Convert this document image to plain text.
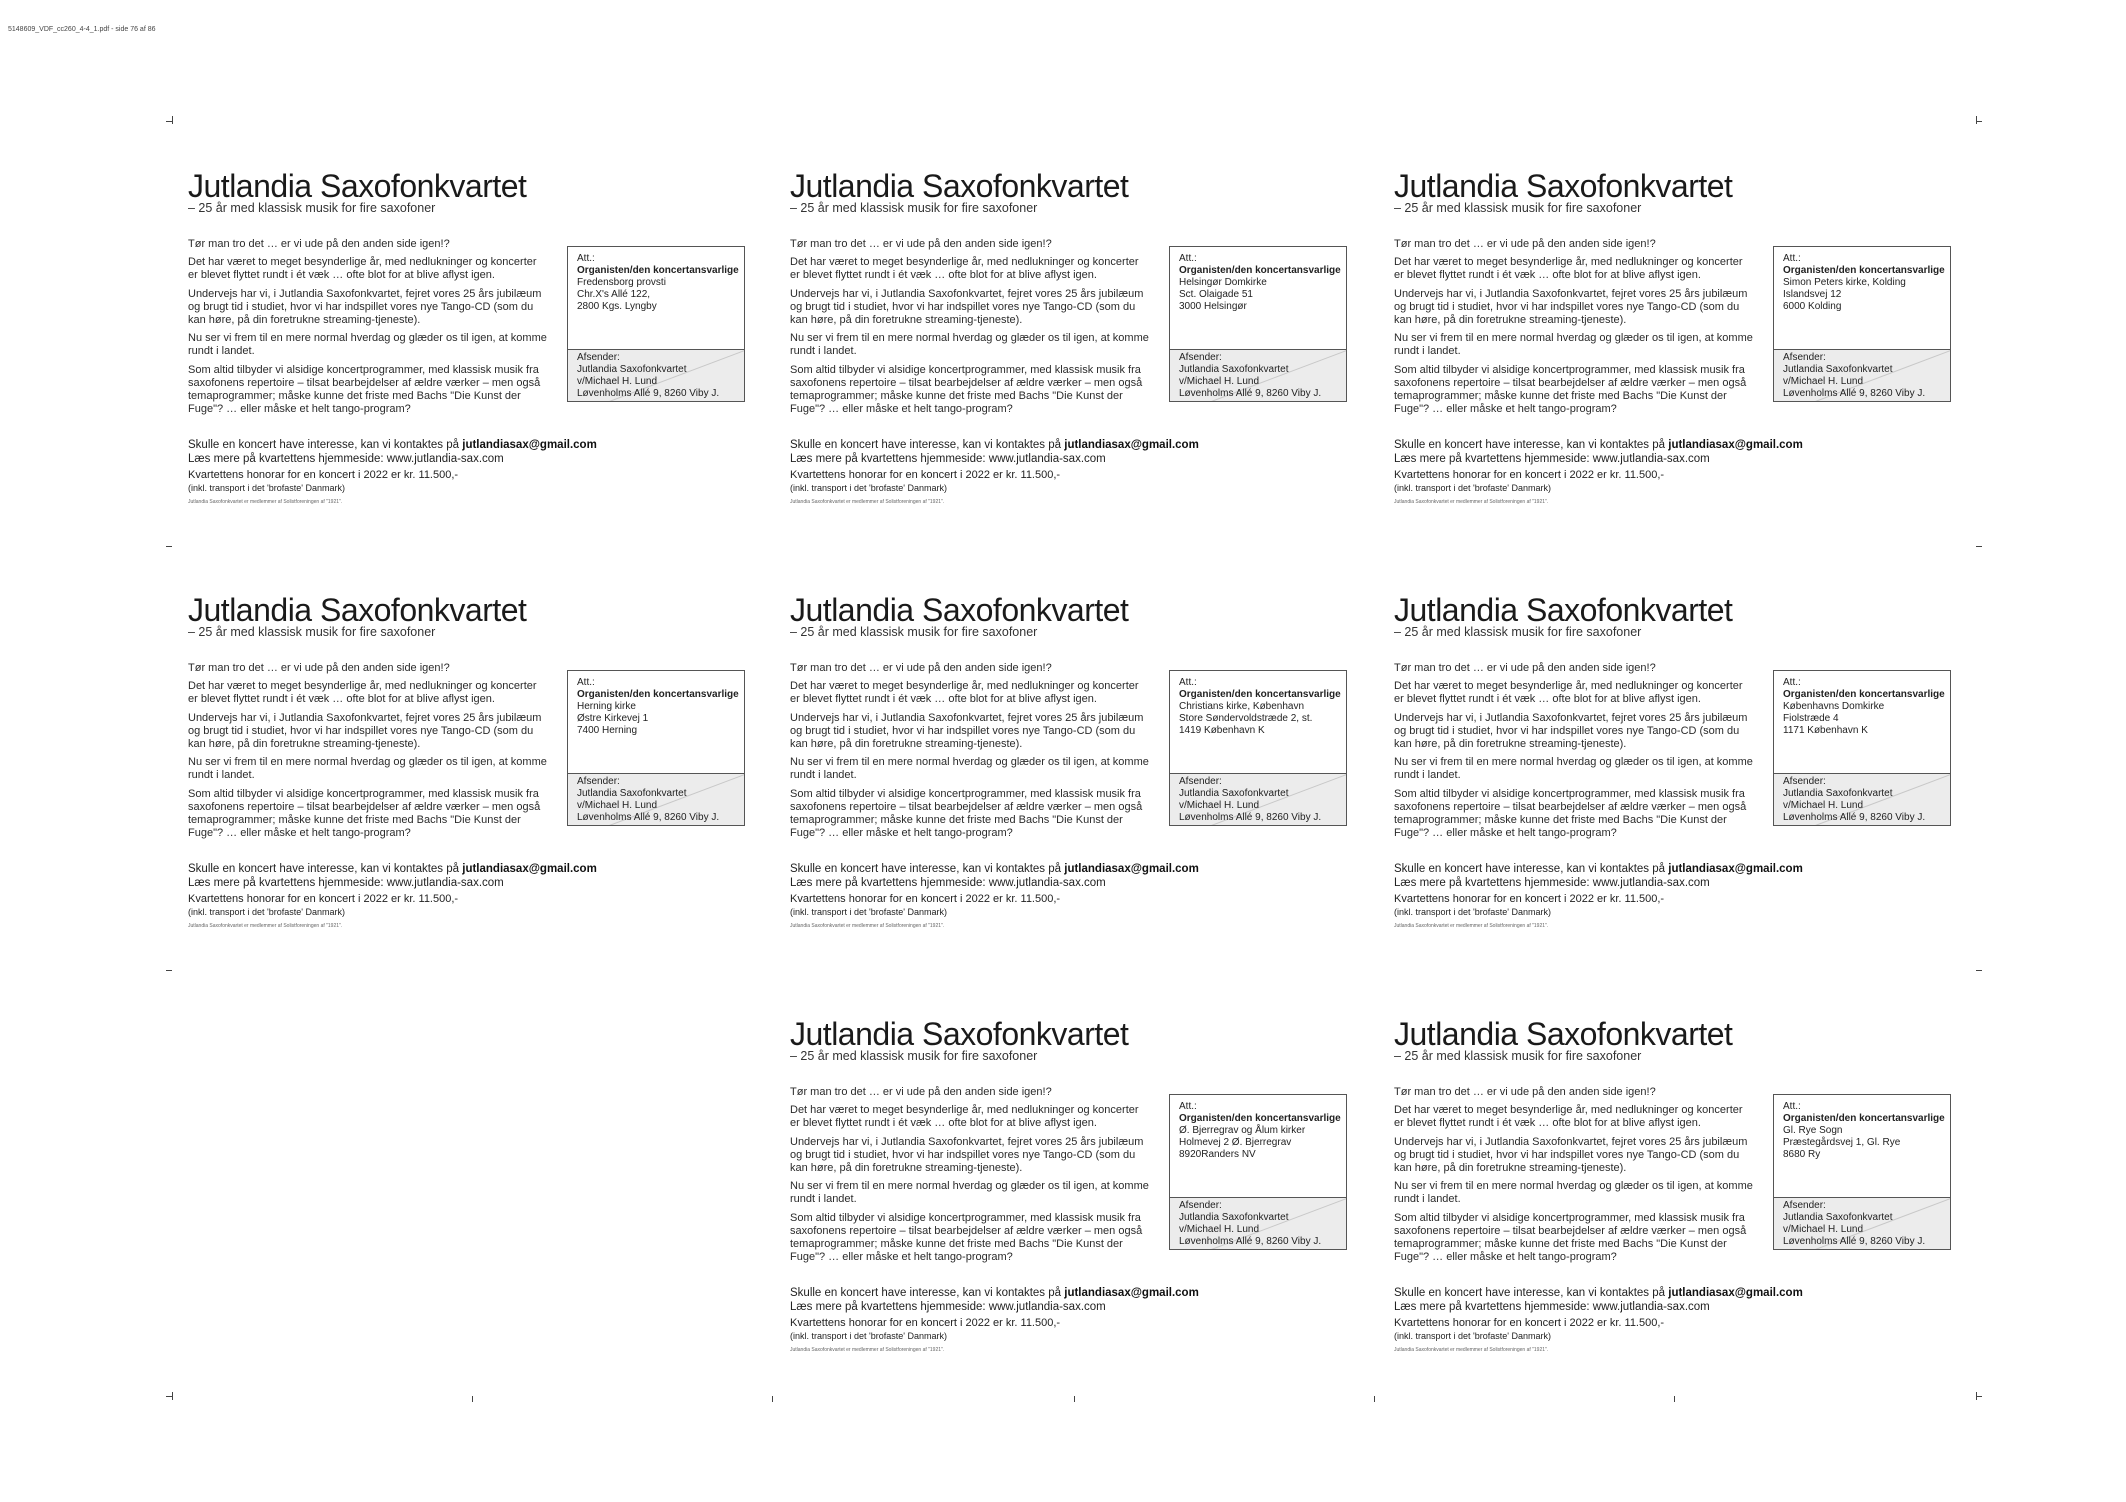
5148609_VDF_cc260_4-4_1.pdf - side 76 af 86
Jutlandia Saxofonkvartet
– 25 år med klassisk musik for fire saxofoner

Tør man tro det … er vi ude på den anden side igen!?

Det har været to meget besynderlige år, med nedlukninger og koncerter er blevet flyttet rundt i ét væk … ofte blot for at blive aflyst igen.

Undervejs har vi, i Jutlandia Saxofonkvartet, fejret vores 25 års jubilæum og brugt tid i studiet, hvor vi har indspillet vores nye Tango-CD (som du kan høre, på din foretrukne streaming-tjeneste).

Nu ser vi frem til en mere normal hverdag og glæder os til igen, at komme rundt i landet.

Som altid tilbyder vi alsidige koncertprogrammer, med klassisk musik fra saxofonens repertoire – tilsat bearbejdelser af ældre værker – men også temaprogrammer; måske kunne det friste med Bachs "Die Kunst der Fuge"? … eller måske et helt tango-program?

Skulle en koncert have interesse, kan vi kontaktes på jutlandiasax@gmail.com

Læs mere på kvartettens hjemmeside: www.jutlandia-sax.com

Kvartettens honorar for en koncert i 2022 er kr. 11.500,-
(inkl. transport i det 'brofaste' Danmark)
Jutlandia Saxofonkvartet er medlemmer af Solistforeningen af "1921".
Att.:
Organisten/den koncertansvarlige
Fredensborg provsti
Chr.X's Allé 122,
2800 Kgs. Lyngby
Afsender:
Jutlandia Saxofonkvartet
v/Michael H. Lund
Løvenholms Allé 9, 8260 Viby J.
Jutlandia Saxofonkvartet
– 25 år med klassisk musik for fire saxofoner

Tør man tro det … er vi ude på den anden side igen!?

Det har været to meget besynderlige år, med nedlukninger og koncerter er blevet flyttet rundt i ét væk … ofte blot for at blive aflyst igen.

Undervejs har vi, i Jutlandia Saxofonkvartet, fejret vores 25 års jubilæum og brugt tid i studiet, hvor vi har indspillet vores nye Tango-CD (som du kan høre, på din foretrukne streaming-tjeneste).

Nu ser vi frem til en mere normal hverdag og glæder os til igen, at komme rundt i landet.

Som altid tilbyder vi alsidige koncertprogrammer, med klassisk musik fra saxofonens repertoire – tilsat bearbejdelser af ældre værker – men også temaprogrammer; måske kunne det friste med Bachs "Die Kunst der Fuge"? … eller måske et helt tango-program?

Skulle en koncert have interesse, kan vi kontaktes på jutlandiasax@gmail.com

Læs mere på kvartettens hjemmeside: www.jutlandia-sax.com

Kvartettens honorar for en koncert i 2022 er kr. 11.500,-
(inkl. transport i det 'brofaste' Danmark)
Jutlandia Saxofonkvartet er medlemmer af Solistforeningen af "1921".
Att.:
Organisten/den koncertansvarlige
Helsingør Domkirke
Sct. Olaigade 51
3000 Helsingør
Afsender:
Jutlandia Saxofonkvartet
v/Michael H. Lund
Løvenholms Allé 9, 8260 Viby J.
Jutlandia Saxofonkvartet
– 25 år med klassisk musik for fire saxofoner

Tør man tro det … er vi ude på den anden side igen!?

Det har været to meget besynderlige år, med nedlukninger og koncerter er blevet flyttet rundt i ét væk … ofte blot for at blive aflyst igen.

Undervejs har vi, i Jutlandia Saxofonkvartet, fejret vores 25 års jubilæum og brugt tid i studiet, hvor vi har indspillet vores nye Tango-CD (som du kan høre, på din foretrukne streaming-tjeneste).

Nu ser vi frem til en mere normal hverdag og glæder os til igen, at komme rundt i landet.

Som altid tilbyder vi alsidige koncertprogrammer, med klassisk musik fra saxofonens repertoire – tilsat bearbejdelser af ældre værker – men også temaprogrammer; måske kunne det friste med Bachs "Die Kunst der Fuge"? … eller måske et helt tango-program?

Skulle en koncert have interesse, kan vi kontaktes på jutlandiasax@gmail.com

Læs mere på kvartettens hjemmeside: www.jutlandia-sax.com

Kvartettens honorar for en koncert i 2022 er kr. 11.500,-
(inkl. transport i det 'brofaste' Danmark)
Jutlandia Saxofonkvartet er medlemmer af Solistforeningen af "1921".
Att.:
Organisten/den koncertansvarlige
Simon Peters kirke, Kolding
Islandsvej 12
6000 Kolding
Afsender:
Jutlandia Saxofonkvartet
v/Michael H. Lund
Løvenholms Allé 9, 8260 Viby J.
Jutlandia Saxofonkvartet
– 25 år med klassisk musik for fire saxofoner

Tør man tro det … er vi ude på den anden side igen!?

Det har været to meget besynderlige år, med nedlukninger og koncerter er blevet flyttet rundt i ét væk … ofte blot for at blive aflyst igen.

Undervejs har vi, i Jutlandia Saxofonkvartet, fejret vores 25 års jubilæum og brugt tid i studiet, hvor vi har indspillet vores nye Tango-CD (som du kan høre, på din foretrukne streaming-tjeneste).

Nu ser vi frem til en mere normal hverdag og glæder os til igen, at komme rundt i landet.

Som altid tilbyder vi alsidige koncertprogrammer, med klassisk musik fra saxofonens repertoire – tilsat bearbejdelser af ældre værker – men også temaprogrammer; måske kunne det friste med Bachs "Die Kunst der Fuge"? … eller måske et helt tango-program?

Skulle en koncert have interesse, kan vi kontaktes på jutlandiasax@gmail.com

Læs mere på kvartettens hjemmeside: www.jutlandia-sax.com

Kvartettens honorar for en koncert i 2022 er kr. 11.500,-
(inkl. transport i det 'brofaste' Danmark)
Jutlandia Saxofonkvartet er medlemmer af Solistforeningen af "1921".
Att.:
Organisten/den koncertansvarlige
Herning kirke
Østre Kirkevej 1
7400 Herning
Afsender:
Jutlandia Saxofonkvartet
v/Michael H. Lund
Løvenholms Allé 9, 8260 Viby J.
Jutlandia Saxofonkvartet
– 25 år med klassisk musik for fire saxofoner

Tør man tro det … er vi ude på den anden side igen!?

Det har været to meget besynderlige år, med nedlukninger og koncerter er blevet flyttet rundt i ét væk … ofte blot for at blive aflyst igen.

Undervejs har vi, i Jutlandia Saxofonkvartet, fejret vores 25 års jubilæum og brugt tid i studiet, hvor vi har indspillet vores nye Tango-CD (som du kan høre, på din foretrukne streaming-tjeneste).

Nu ser vi frem til en mere normal hverdag og glæder os til igen, at komme rundt i landet.

Som altid tilbyder vi alsidige koncertprogrammer, med klassisk musik fra saxofonens repertoire – tilsat bearbejdelser af ældre værker – men også temaprogrammer; måske kunne det friste med Bachs "Die Kunst der Fuge"? … eller måske et helt tango-program?

Skulle en koncert have interesse, kan vi kontaktes på jutlandiasax@gmail.com

Læs mere på kvartettens hjemmeside: www.jutlandia-sax.com

Kvartettens honorar for en koncert i 2022 er kr. 11.500,-
(inkl. transport i det 'brofaste' Danmark)
Jutlandia Saxofonkvartet er medlemmer af Solistforeningen af "1921".
Att.:
Organisten/den koncertansvarlige
Christians kirke, København
Store Søndervoldstræde 2, st.
1419 København K
Afsender:
Jutlandia Saxofonkvartet
v/Michael H. Lund
Løvenholms Allé 9, 8260 Viby J.
Jutlandia Saxofonkvartet
– 25 år med klassisk musik for fire saxofoner

Tør man tro det … er vi ude på den anden side igen!?

Det har været to meget besynderlige år, med nedlukninger og koncerter er blevet flyttet rundt i ét væk … ofte blot for at blive aflyst igen.

Undervejs har vi, i Jutlandia Saxofonkvartet, fejret vores 25 års jubilæum og brugt tid i studiet, hvor vi har indspillet vores nye Tango-CD (som du kan høre, på din foretrukne streaming-tjeneste).

Nu ser vi frem til en mere normal hverdag og glæder os til igen, at komme rundt i landet.

Som altid tilbyder vi alsidige koncertprogrammer, med klassisk musik fra saxofonens repertoire – tilsat bearbejdelser af ældre værker – men også temaprogrammer; måske kunne det friste med Bachs "Die Kunst der Fuge"? … eller måske et helt tango-program?

Skulle en koncert have interesse, kan vi kontaktes på jutlandiasax@gmail.com

Læs mere på kvartettens hjemmeside: www.jutlandia-sax.com

Kvartettens honorar for en koncert i 2022 er kr. 11.500,-
(inkl. transport i det 'brofaste' Danmark)
Jutlandia Saxofonkvartet er medlemmer af Solistforeningen af "1921".
Att.:
Organisten/den koncertansvarlige
Københavns Domkirke
Fiolstræde 4
1171 København K
Afsender:
Jutlandia Saxofonkvartet
v/Michael H. Lund
Løvenholms Allé 9, 8260 Viby J.
Jutlandia Saxofonkvartet
– 25 år med klassisk musik for fire saxofoner

Tør man tro det … er vi ude på den anden side igen!?

Det har været to meget besynderlige år, med nedlukninger og koncerter er blevet flyttet rundt i ét væk … ofte blot for at blive aflyst igen.

Undervejs har vi, i Jutlandia Saxofonkvartet, fejret vores 25 års jubilæum og brugt tid i studiet, hvor vi har indspillet vores nye Tango-CD (som du kan høre, på din foretrukne streaming-tjeneste).

Nu ser vi frem til en mere normal hverdag og glæder os til igen, at komme rundt i landet.

Som altid tilbyder vi alsidige koncertprogrammer, med klassisk musik fra saxofonens repertoire – tilsat bearbejdelser af ældre værker – men også temaprogrammer; måske kunne det friste med Bachs "Die Kunst der Fuge"? … eller måske et helt tango-program?

Skulle en koncert have interesse, kan vi kontaktes på jutlandiasax@gmail.com

Læs mere på kvartettens hjemmeside: www.jutlandia-sax.com

Kvartettens honorar for en koncert i 2022 er kr. 11.500,-
(inkl. transport i det 'brofaste' Danmark)
Jutlandia Saxofonkvartet er medlemmer af Solistforeningen af "1921".
Att.:
Organisten/den koncertansvarlige
Ø. Bjerregrav og Ålum kirker
Holmevej 2 Ø. Bjerregrav
8920Randers NV
Afsender:
Jutlandia Saxofonkvartet
v/Michael H. Lund
Løvenholms Allé 9, 8260 Viby J.
Jutlandia Saxofonkvartet
– 25 år med klassisk musik for fire saxofoner

Tør man tro det … er vi ude på den anden side igen!?

Det har været to meget besynderlige år, med nedlukninger og koncerter er blevet flyttet rundt i ét væk … ofte blot for at blive aflyst igen.

Undervejs har vi, i Jutlandia Saxofonkvartet, fejret vores 25 års jubilæum og brugt tid i studiet, hvor vi har indspillet vores nye Tango-CD (som du kan høre, på din foretrukne streaming-tjeneste).

Nu ser vi frem til en mere normal hverdag og glæder os til igen, at komme rundt i landet.

Som altid tilbyder vi alsidige koncertprogrammer, med klassisk musik fra saxofonens repertoire – tilsat bearbejdelser af ældre værker – men også temaprogrammer; måske kunne det friste med Bachs "Die Kunst der Fuge"? … eller måske et helt tango-program?

Skulle en koncert have interesse, kan vi kontaktes på jutlandiasax@gmail.com

Læs mere på kvartettens hjemmeside: www.jutlandia-sax.com

Kvartettens honorar for en koncert i 2022 er kr. 11.500,-
(inkl. transport i det 'brofaste' Danmark)
Jutlandia Saxofonkvartet er medlemmer af Solistforeningen af "1921".
Att.:
Organisten/den koncertansvarlige
Gl. Rye Sogn
Præstegårdsvej 1, Gl. Rye
8680 Ry
Afsender:
Jutlandia Saxofonkvartet
v/Michael H. Lund
Løvenholms Allé 9, 8260 Viby J.
